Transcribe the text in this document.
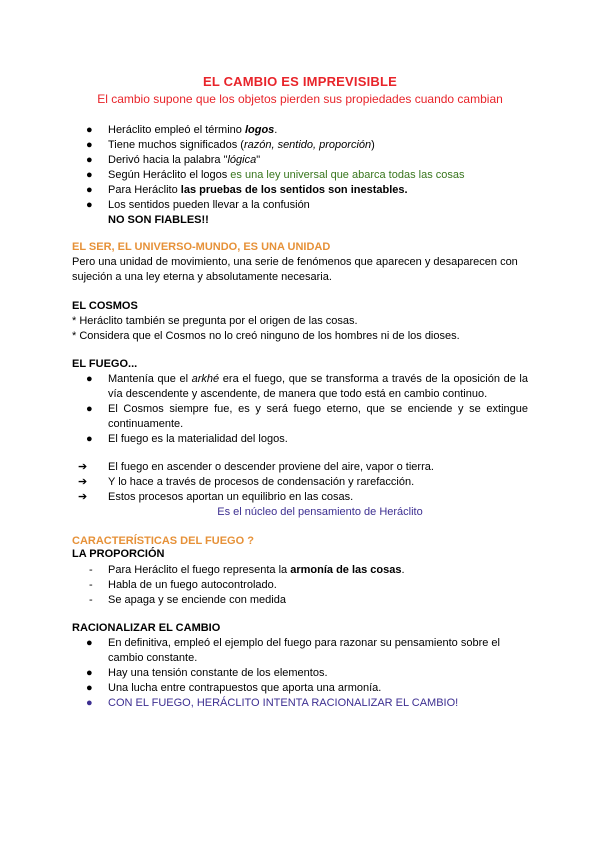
EL CAMBIO ES IMPREVISIBLE
El cambio supone que los objetos pierden sus propiedades cuando cambian
● Heráclito empleó el término logos.
● Tiene muchos significados (razón, sentido, proporción)
● Derivó hacia la palabra "lógica"
● Según Heráclito el logos es una ley universal que abarca todas las cosas
● Para Heráclito las pruebas de los sentidos son inestables.
● Los sentidos pueden llevar a la confusión
NO SON FIABLES!!
EL SER, EL UNIVERSO-MUNDO, ES UNA UNIDAD
Pero una unidad de movimiento, una serie de fenómenos que aparecen y desaparecen con sujeción a una ley eterna y absolutamente necesaria.
EL COSMOS
* Heráclito también se pregunta por el origen de las cosas.
* Considera que el Cosmos no lo creó ninguno de los hombres ni de los dioses.
EL FUEGO...
● Mantenía que el arkhé era el fuego, que se transforma a través de la oposición de la vía descendente y ascendente, de manera que todo está en cambio continuo.
● El Cosmos siempre fue, es y será fuego eterno, que se enciende y se extingue continuamente.
● El fuego es la materialidad del logos.
➔ El fuego en ascender o descender proviene del aire, vapor o tierra.
➔ Y lo hace a través de procesos de condensación y rarefacción.
➔ Estos procesos aportan un equilibrio en las cosas.
Es el núcleo del pensamiento de Heráclito
CARACTERÍSTICAS DEL FUEGO ?
LA PROPORCIÓN
- Para Heráclito el fuego representa la armonía de las cosas.
- Habla de un fuego autocontrolado.
- Se apaga y se enciende con medida
RACIONALIZAR EL CAMBIO
● En definitiva, empleó el ejemplo del fuego para razonar su pensamiento sobre el cambio constante.
● Hay una tensión constante de los elementos.
● Una lucha entre contrapuestos que aporta una armonía.
● CON EL FUEGO, HERÁCLITO INTENTA RACIONALIZAR EL CAMBIO!
